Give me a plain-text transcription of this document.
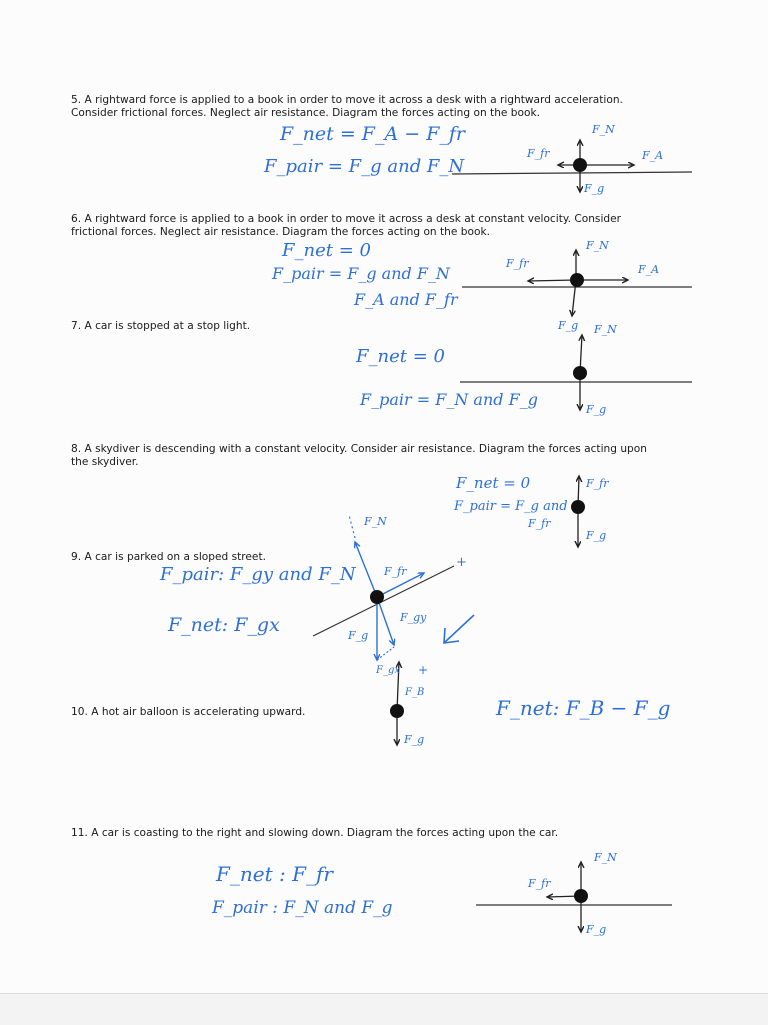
5. A rightward force is applied to a book in order to move it across a desk with a rightward acceleration. Consider frictional forces. Neglect air resistance. Diagram the forces acting on the book.

6. A rightward force is applied to a book in order to move it across a desk at constant velocity. Consider frictional forces. Neglect air resistance. Diagram the forces acting on the book.

7. A car is stopped at a stop light.

8. A skydiver is descending with a constant velocity. Consider air resistance. Diagram the forces acting upon the skydiver.

9. A car is parked on a sloped street.

10. A hot air balloon is accelerating upward.

11. A car is coasting to the right and slowing down. Diagram the forces acting upon the car.

F_net = F_A − F_fr
F_pair = F_g and F_N
F_N
F_fr	F_A
F_g
F_net = 0
F_pair = F_g and F_N
F_A and F_fr
F_N
F_fr	F_A
F_g
F_net = 0
F_pair = F_N and F_g
F_N
F_g
F_net = 0
F_pair = F_g and
F_fr
F_fr
F_g
F_pair: F_gy and F_N
F_net: F_gx
F_N
F_fr
F_gy
F_g
F_gx
+
F_net: F_B − F_g
F_B
F_g
+
F_net : F_fr
F_pair : F_N and F_g
F_N
F_fr
F_g
